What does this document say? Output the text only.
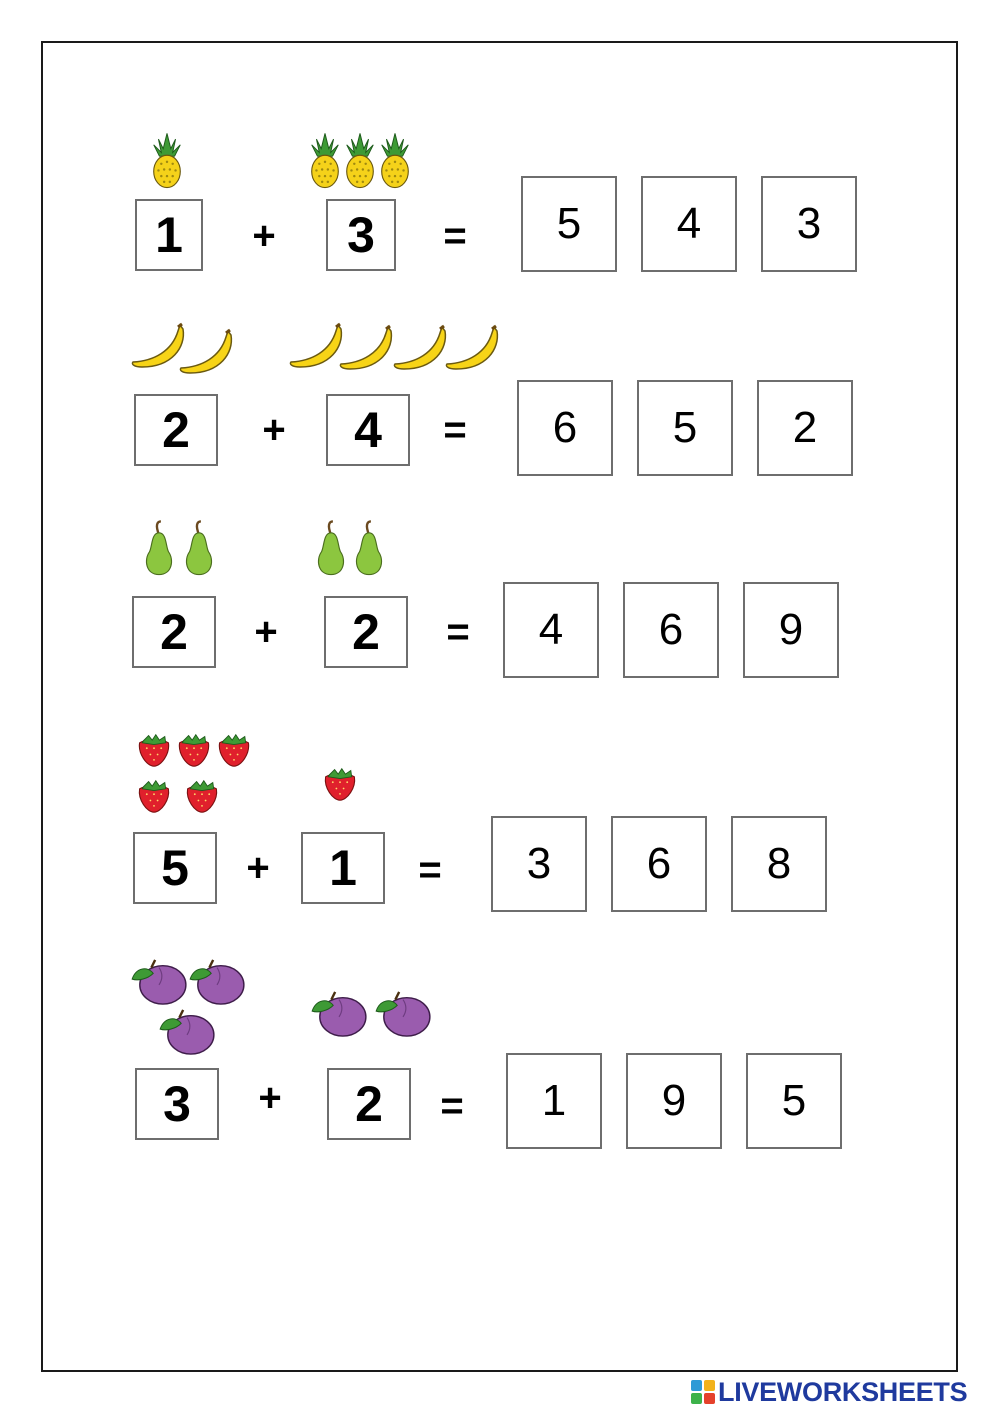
1	+	3	=	5	4	3
2	+	4	=	6	5	2
2	+	2	=	4	6	9
5	+	1	=	3	6	8
3	+	2	=	1	9	5
LIVEWORKSHEETS
